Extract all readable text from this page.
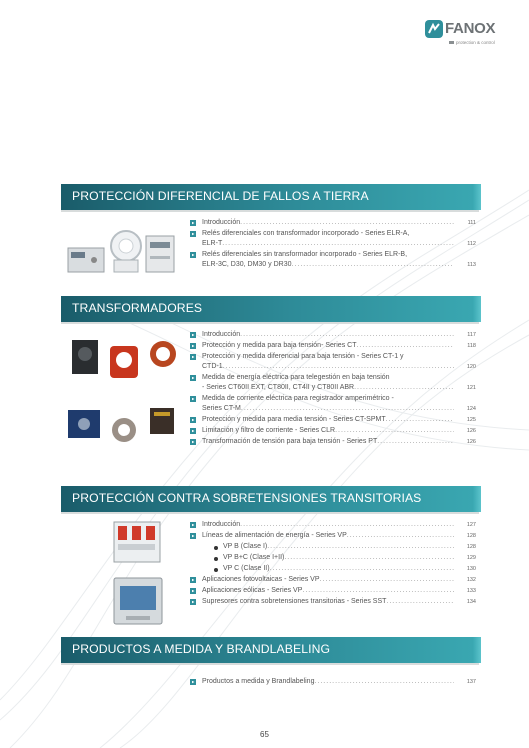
FANOX
protection & control
PROTECCIÓN DIFERENCIAL DE FALLOS A TIERRA
Introducción .....	111
Relés diferenciales con transformador incorporado - Series ELR-A,
ELR-T .....	112
Relés diferenciales sin transformador incorporado - Series ELR-B,
ELR-3C, D30, DM30 y DR30 .....	113
TRANSFORMADORES
Introducción .....	117
Protección y medida para baja tensión- Series CT .....	118
Protección y medida diferencial para baja tensión - Series CT-1 y
CTD-1 .....	120
Medida de energía eléctrica para telegestión en baja tensión
- Series CT60II EXT, CT80II, CT4II y CT80II ABR .....	121
Medida de corriente eléctrica para registrador amperimétrico -
Series CT-M .....	124
Protección y medida para media tensión - Series CT-SPMT .....	125
Limitación y filtro de corriente - Series CLR .....	126
Transformación de tensión para baja tensión - Series PT .....	126
PROTECCIÓN CONTRA SOBRETENSIONES TRANSITORIAS
Introducción .....	127
Líneas de alimentación de energía - Series VP .....	128
VP B (Clase I) .....	128
VP B+C (Clase I+II) .....	129
VP C (Clase II) .....	130
Aplicaciones fotovoltaicas - Series VP .....	132
Aplicaciones eólicas - Series VP .....	133
Supresores contra sobretensiones transitorias - Series SST .....	134
PRODUCTOS A MEDIDA Y BRANDLABELING
Productos a medida y Brandlabeling .....	137
65
